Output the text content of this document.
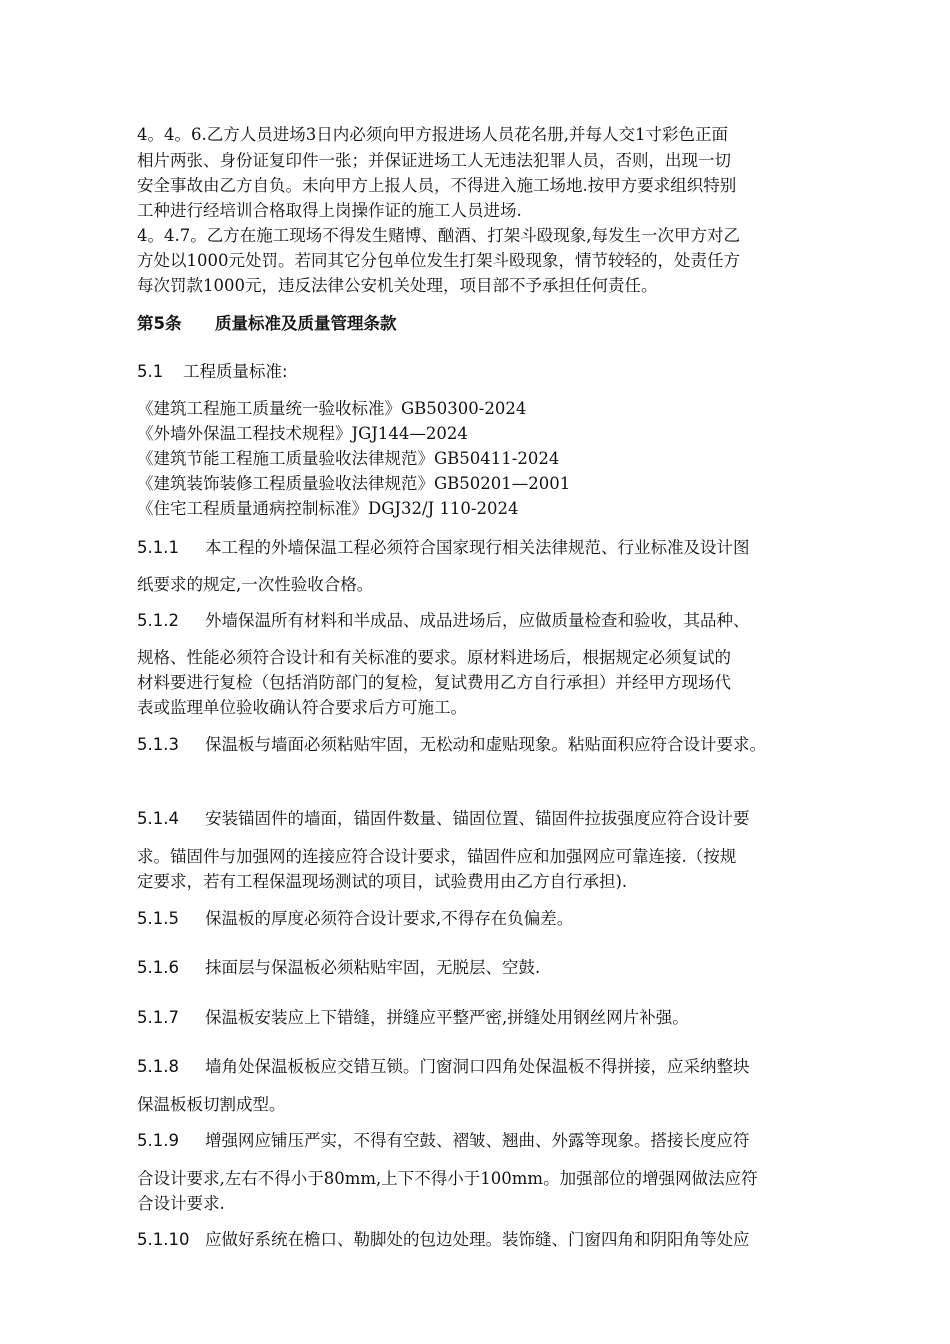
4。4。6.乙方人员进场3日内必须向甲方报进场人员花名册,并每人交1寸彩色正面
相片两张、身份证复印件一张；并保证进场工人无违法犯罪人员，否则，出现一切
安全事故由乙方自负。未向甲方上报人员，不得进入施工场地.按甲方要求组织特别
工种进行经培训合格取得上岗操作证的施工人员进场.
4。4.7。乙方在施工现场不得发生赌博、酗酒、打架斗殴现象,每发生一次甲方对乙
方处以1000元处罚。若同其它分包单位发生打架斗殴现象，情节较轻的，处责任方
每次罚款1000元，违反法律公安机关处理，项目部不予承担任何责任。
第5条 质量标准及质量管理条款
5.1 工程质量标准:
《建筑工程施工质量统一验收标准》GB50300-2024
《外墙外保温工程技术规程》JGJ144—2024
《建筑节能工程施工质量验收法律规范》GB50411-2024
《建筑装饰装修工程质量验收法律规范》GB50201—2001
《住宅工程质量通病控制标准》DGJ32/J 110-2024
5.1.1 本工程的外墙保温工程必须符合国家现行相关法律规范、行业标准及设计图
纸要求的规定,一次性验收合格。
5.1.2 外墙保温所有材料和半成品、成品进场后，应做质量检查和验收，其品种、
规格、性能必须符合设计和有关标准的要求。原材料进场后，根据规定必须复试的
材料要进行复检（包括消防部门的复检，复试费用乙方自行承担）并经甲方现场代
表或监理单位验收确认符合要求后方可施工。
5.1.3 保温板与墙面必须粘贴牢固，无松动和虚贴现象。粘贴面积应符合设计要求。
5.1.4 安装锚固件的墙面，锚固件数量、锚固位置、锚固件拉拔强度应符合设计要
求。锚固件与加强网的连接应符合设计要求，锚固件应和加强网应可靠连接.（按规
定要求，若有工程保温现场测试的项目，试验费用由乙方自行承担).
5.1.5 保温板的厚度必须符合设计要求,不得存在负偏差。
5.1.6 抹面层与保温板必须粘贴牢固，无脱层、空鼓.
5.1.7 保温板安装应上下错缝，拼缝应平整严密,拼缝处用钢丝网片补强。
5.1.8 墙角处保温板板应交错互锁。门窗洞口四角处保温板不得拼接，应采纳整块
保温板板切割成型。
5.1.9 增强网应铺压严实，不得有空鼓、褶皱、翘曲、外露等现象。搭接长度应符
合设计要求,左右不得小于80mm,上下不得小于100mm。加强部位的增强网做法应符
合设计要求.
5.1.10 应做好系统在檐口、勒脚处的包边处理。装饰缝、门窗四角和阴阳角等处应
